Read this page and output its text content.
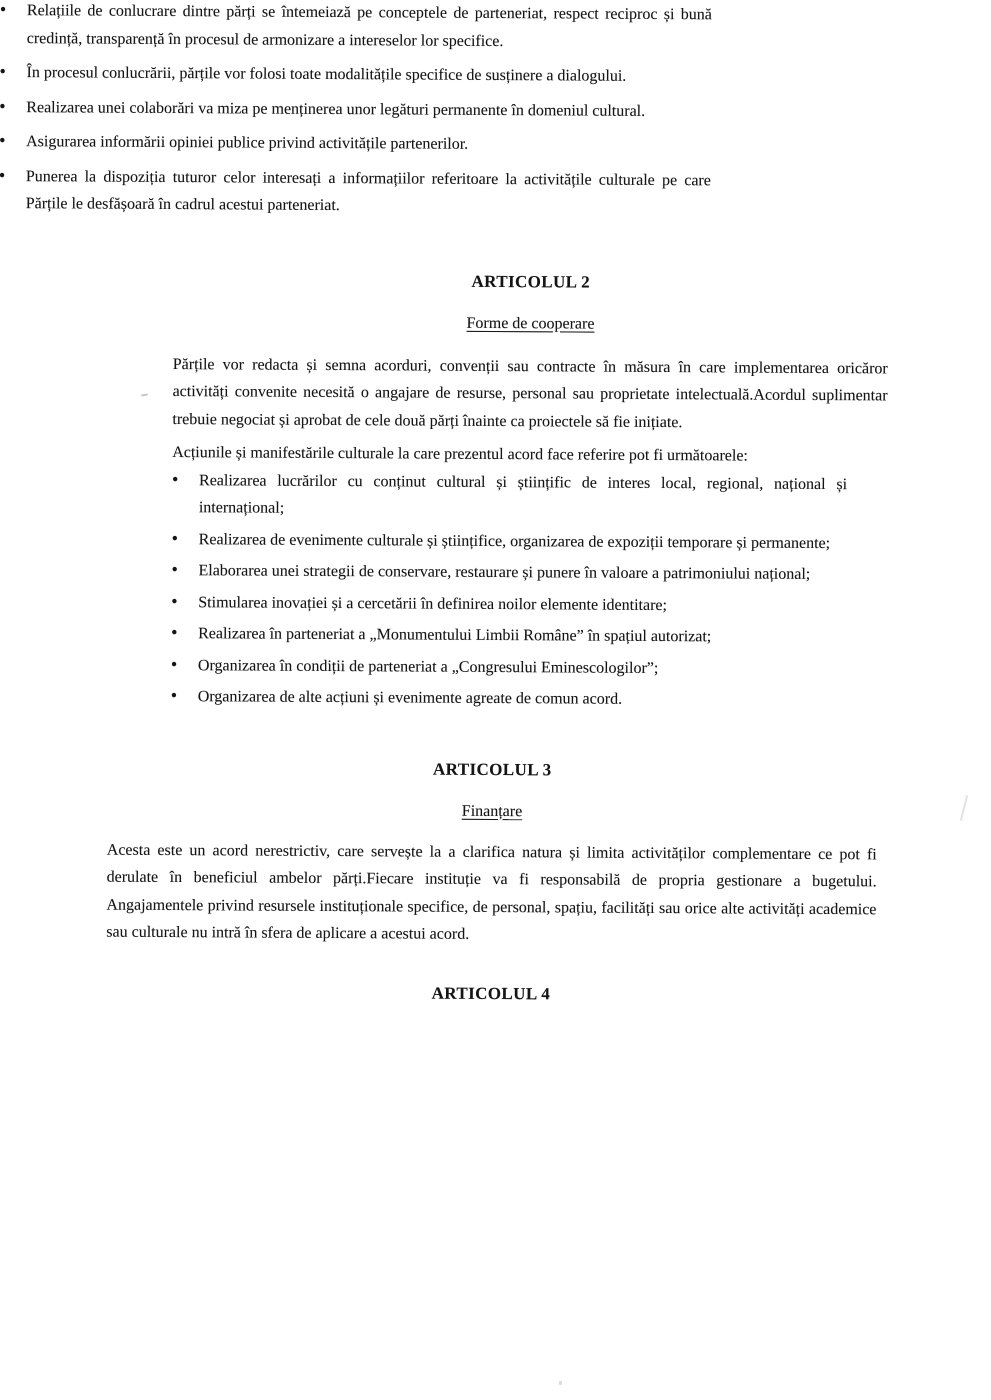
• Relațiile de conlucrare dintre părți se întemeiază pe conceptele de parteneriat, respect reciproc și bună credință, transparență în procesul de armonizare a intereselor lor specifice.
• În procesul conlucrării, părțile vor folosi toate modalitățile specifice de susținere a dialogului.
• Realizarea unei colaborări va miza pe menținerea unor legături permanente în domeniul cultural.
• Asigurarea informării opiniei publice privind activitățile partenerilor.
• Punerea la dispoziția tuturor celor interesați a informațiilor referitoare la activitățile culturale pe care Părțile le desfășoară în cadrul acestui parteneriat.
ARTICOLUL 2
Forme de cooperare

Părțile vor redacta și semna acorduri, convenții sau contracte în măsura în care implementarea oricăror activități convenite necesită o angajare de resurse, personal sau proprietate intelectuală.Acordul suplimentar trebuie negociat și aprobat de cele două părți înainte ca proiectele să fie inițiate.

Acțiunile și manifestările culturale la care prezentul acord face referire pot fi următoarele:

• Realizarea lucrărilor cu conținut cultural și științific de interes local, regional, național și internațional;
• Realizarea de evenimente culturale și științifice, organizarea de expoziții temporare și permanente;
• Elaborarea unei strategii de conservare, restaurare și punere în valoare a patrimoniului național;
• Stimularea inovației și a cercetării în definirea noilor elemente identitare;
• Realizarea în parteneriat a „Monumentului Limbii Române” în spațiul autorizat;
• Organizarea în condiții de parteneriat a „Congresului Eminescologilor”;
• Organizarea de alte acțiuni și evenimente agreate de comun acord.
ARTICOLUL 3
Finanțare

Acesta este un acord nerestrictiv, care servește la a clarifica natura și limita activităților complementare ce pot fi derulate în beneficiul ambelor părți.Fiecare instituție va fi responsabilă de propria gestionare a bugetului. Angajamentele privind resursele instituționale specifice, de personal, spațiu, facilități sau orice alte activități academice sau culturale nu intră în sfera de aplicare a acestui acord.

ARTICOLUL 4
